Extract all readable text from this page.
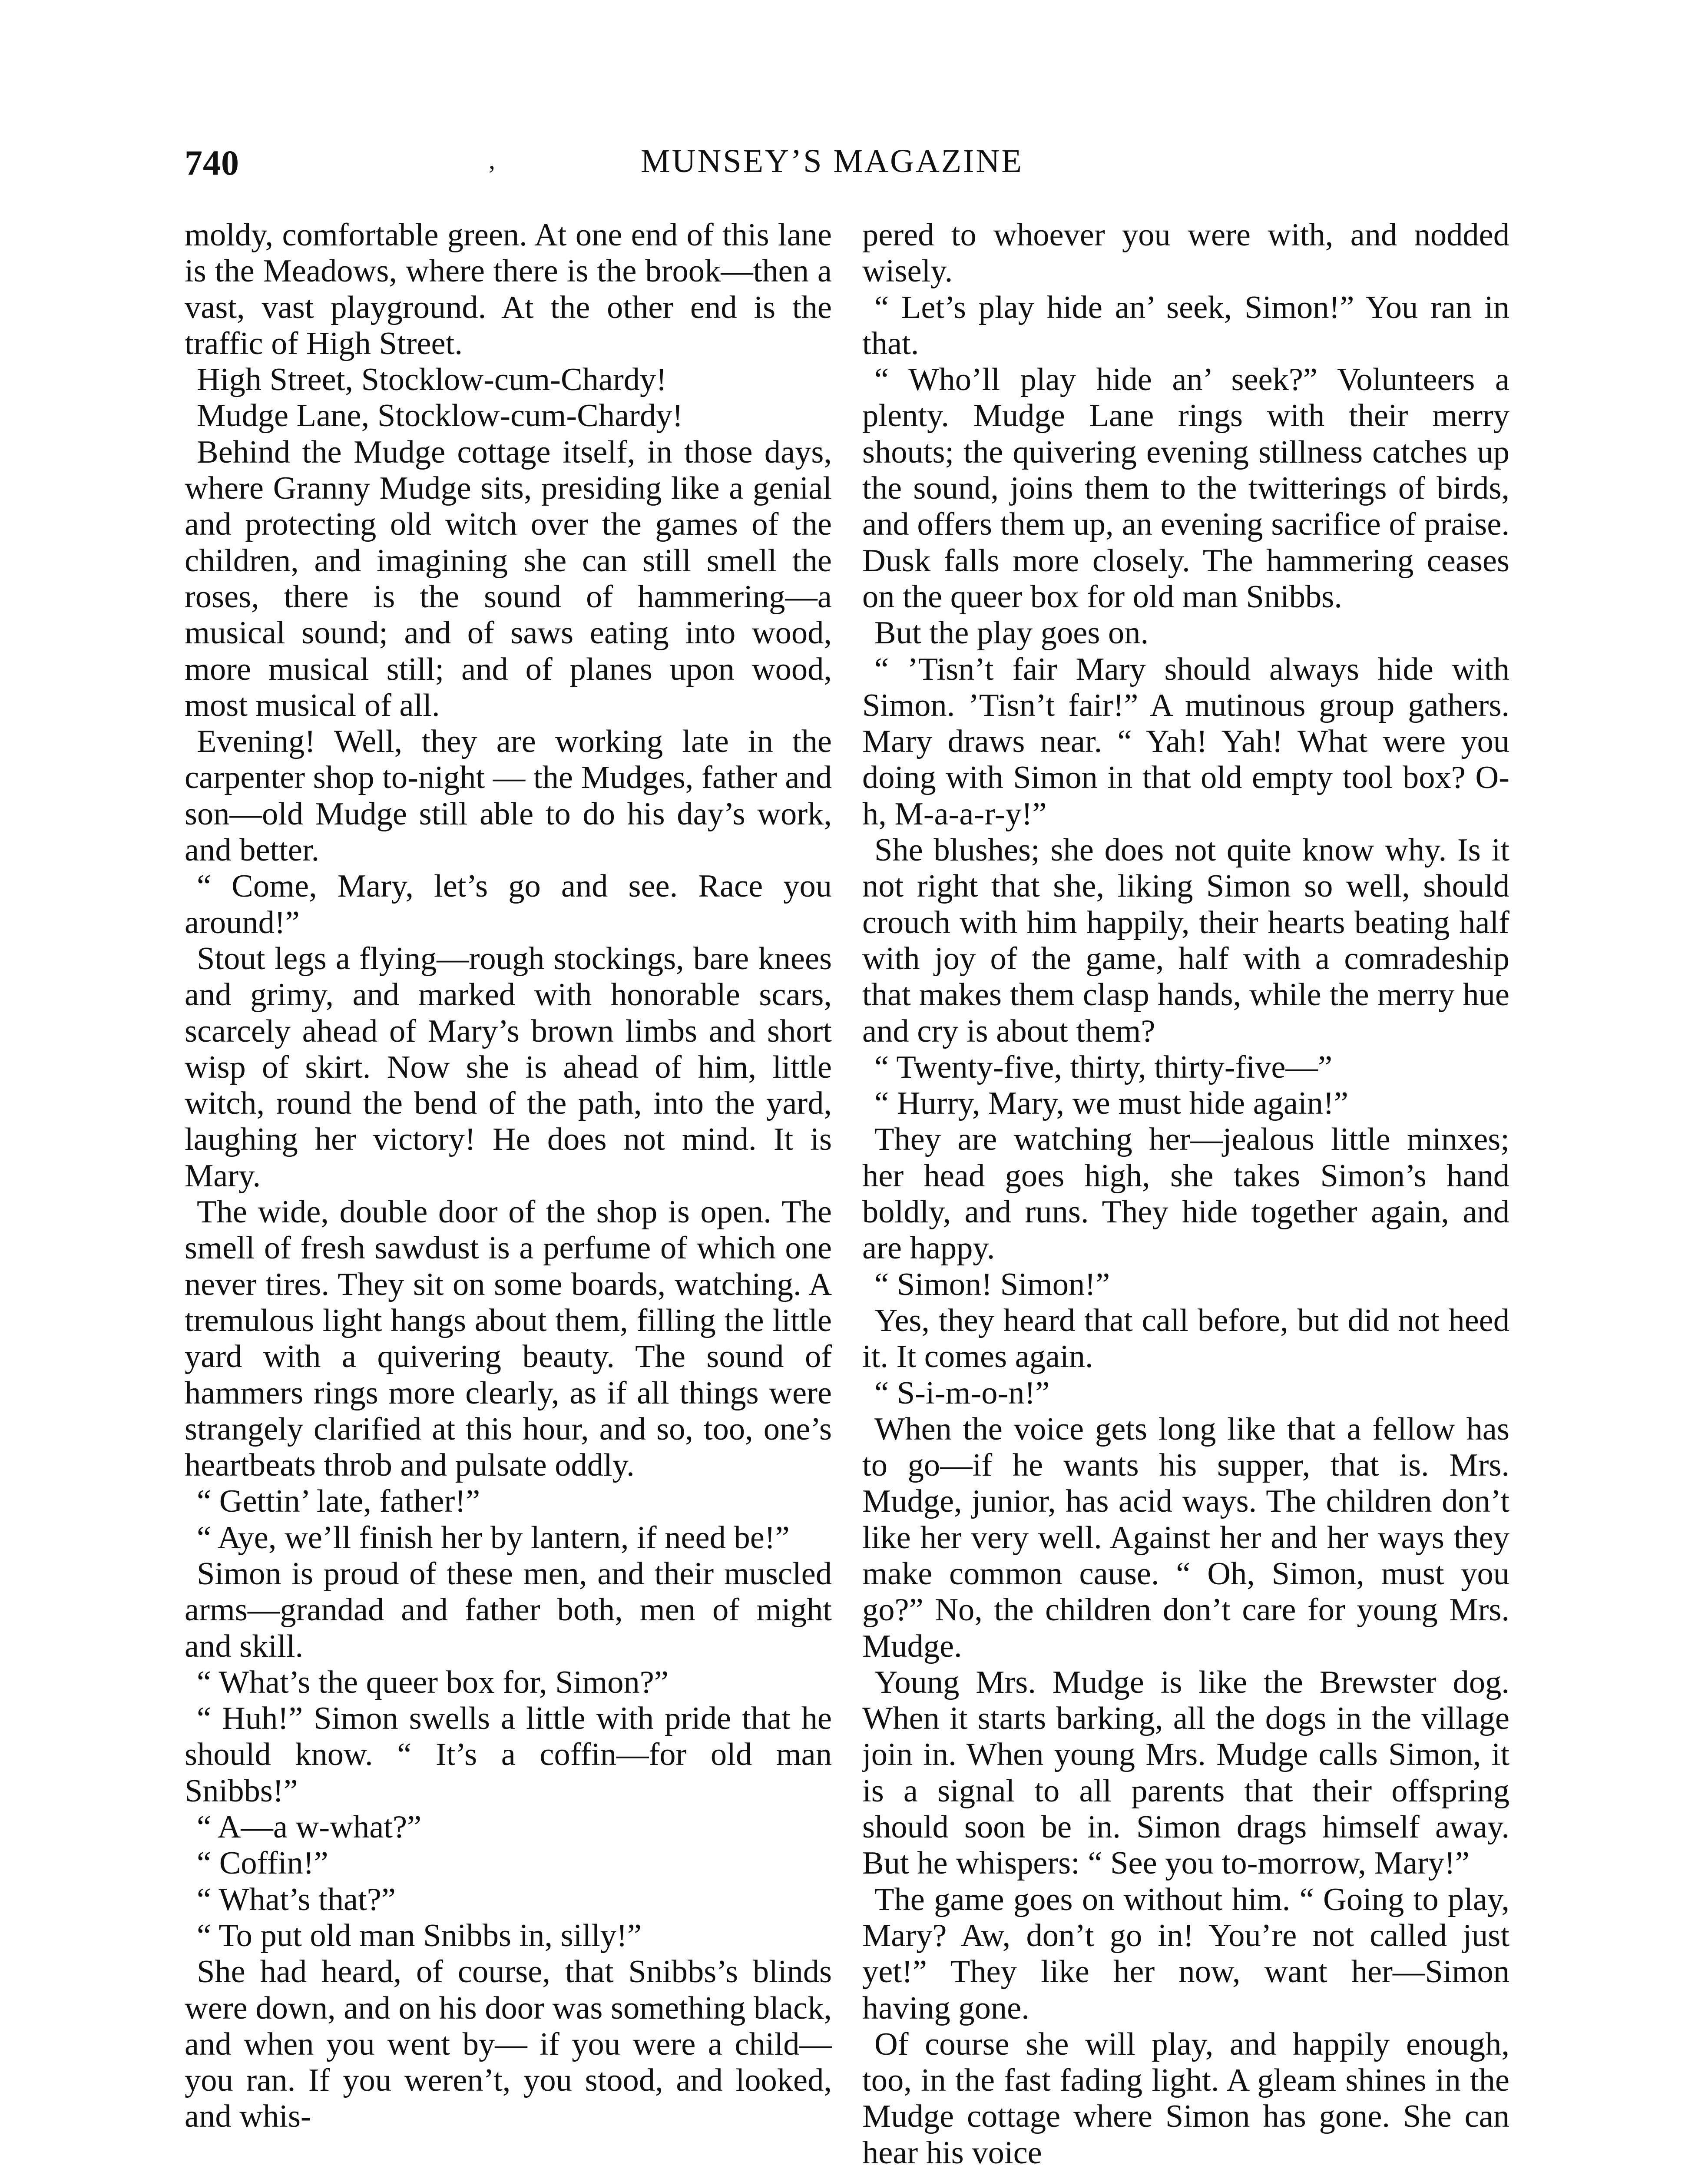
740	,	MUNSEY’S MAGAZINE

moldy, comfortable green. At one end of this lane is the Meadows, where there is the brook—then a vast, vast playground. At the other end is the traffic of High Street.

High Street, Stocklow-cum-Chardy!

Mudge Lane, Stocklow-cum-Chardy!

Behind the Mudge cottage itself, in those days, where Granny Mudge sits, presiding like a genial and protecting old witch over the games of the children, and imagining she can still smell the roses, there is the sound of hammering—a musical sound; and of saws eating into wood, more musical still; and of planes upon wood, most musical of all.

Evening! Well, they are working late in the carpenter shop to-night — the Mudges, father and son—old Mudge still able to do his day’s work, and better.

“ Come, Mary, let’s go and see. Race you around!”

Stout legs a flying—rough stockings, bare knees and grimy, and marked with honorable scars, scarcely ahead of Mary’s brown limbs and short wisp of skirt. Now she is ahead of him, little witch, round the bend of the path, into the yard, laughing her victory! He does not mind. It is Mary.

The wide, double door of the shop is open. The smell of fresh sawdust is a perfume of which one never tires. They sit on some boards, watching. A tremulous light hangs about them, filling the little yard with a quivering beauty. The sound of hammers rings more clearly, as if all things were strangely clarified at this hour, and so, too, one’s heartbeats throb and pulsate oddly.

“ Gettin’ late, father!”

“ Aye, we’ll finish her by lantern, if need be!”

Simon is proud of these men, and their muscled arms—grandad and father both, men of might and skill.

“ What’s the queer box for, Simon?”

“ Huh!” Simon swells a little with pride that he should know. “ It’s a coffin—for old man Snibbs!”

“ A—a w-what?”

“ Coffin!”

“ What’s that?”

“ To put old man Snibbs in, silly!”

She had heard, of course, that Snibbs’s blinds were down, and on his door was something black, and when you went by— if you were a child—you ran. If you weren’t, you stood, and looked, and whis-

pered to whoever you were with, and nodded wisely.

“ Let’s play hide an’ seek, Simon!” You ran in that.

“ Who’ll play hide an’ seek?” Volunteers a plenty. Mudge Lane rings with their merry shouts; the quivering evening stillness catches up the sound, joins them to the twitterings of birds, and offers them up, an evening sacrifice of praise. Dusk falls more closely. The hammering ceases on the queer box for old man Snibbs.

But the play goes on.

“ ’Tisn’t fair Mary should always hide with Simon. ’Tisn’t fair!” A mutinous group gathers. Mary draws near. “ Yah! Yah! What were you doing with Simon in that old empty tool box? O-h, M-a-a-r-y!”

She blushes; she does not quite know why. Is it not right that she, liking Simon so well, should crouch with him happily, their hearts beating half with joy of the game, half with a comradeship that makes them clasp hands, while the merry hue and cry is about them?

“ Twenty-five, thirty, thirty-five—”

“ Hurry, Mary, we must hide again!”

They are watching her—jealous little minxes; her head goes high, she takes Simon’s hand boldly, and runs. They hide together again, and are happy.

“ Simon! Simon!”

Yes, they heard that call before, but did not heed it. It comes again.

“ S-i-m-o-n!”

When the voice gets long like that a fellow has to go—if he wants his supper, that is. Mrs. Mudge, junior, has acid ways. The children don’t like her very well. Against her and her ways they make common cause. “ Oh, Simon, must you go?” No, the children don’t care for young Mrs. Mudge.

Young Mrs. Mudge is like the Brewster dog. When it starts barking, all the dogs in the village join in. When young Mrs. Mudge calls Simon, it is a signal to all parents that their offspring should soon be in. Simon drags himself away. But he whispers: “ See you to-morrow, Mary!”

The game goes on without him. “ Going to play, Mary? Aw, don’t go in! You’re not called just yet!” They like her now, want her—Simon having gone.

Of course she will play, and happily enough, too, in the fast fading light. A gleam shines in the Mudge cottage where Simon has gone. She can hear his voice
